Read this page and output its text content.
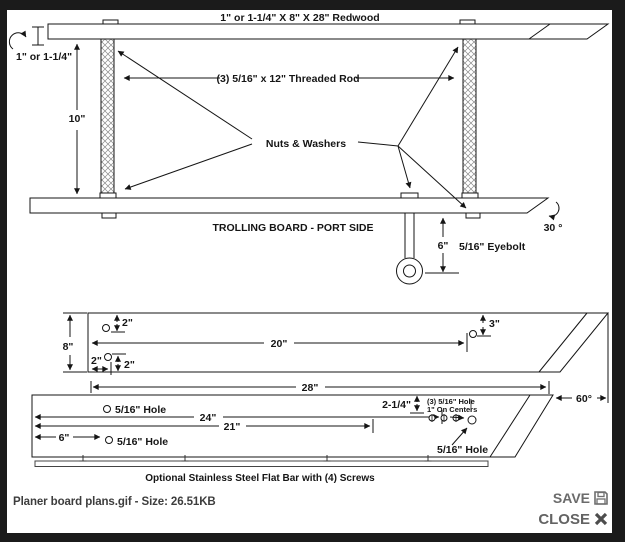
1" or 1-1/4" X 8" X 28" Redwood
1" or 1-1/4"
10"
(3) 5/16" x 12" Threaded Rod
Nuts & Washers
TROLLING BOARD - PORT SIDE	30 °
6" 5/16" Eyebolt
8"
2"
2" 2"
3"
20"
28"
5/16" Hole
5/16" Hole
24"
21"
6"
2-1/4" (3) 5/16" Hole
1" On Centers
5/16" Hole
60°
Optional Stainless Steel Flat Bar with (4) Screws
Planer board plans.gif - Size: 26.51KB	SAVE
CLOSE
